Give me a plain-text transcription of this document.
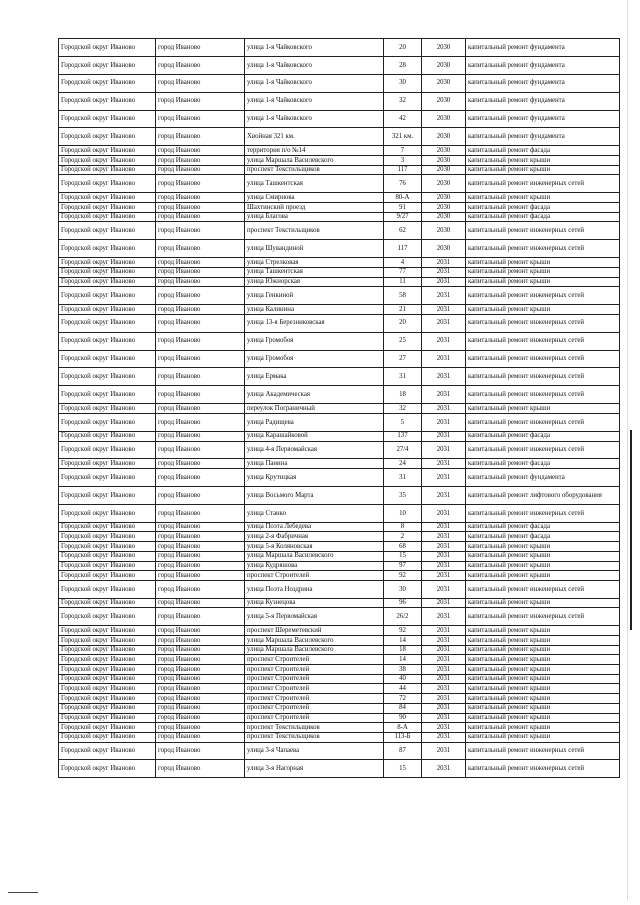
Городской округ Иваново	город Иваново	улица 1-я Чайковского	20	2030	капитальный ремонт фундамента
Городской округ Иваново	город Иваново	улица 1-я Чайковского	28	2030	капитальный ремонт фундамента
Городской округ Иваново	город Иваново	улица 1-я Чайковского	30	2030	капитальный ремонт фундамента
Городской округ Иваново	город Иваново	улица 1-я Чайковского	32	2030	капитальный ремонт фундамента
Городской округ Иваново	город Иваново	улица 1-я Чайковского	42	2030	капитальный ремонт фундамента
Городской округ Иваново	город Иваново	Хвойная 321 км.	321 км.	2030	капитальный ремонт фундамента
Городской округ Иваново	город Иваново	территория п/о №14	7	2030	капитальный ремонт фасада
Городской округ Иваново	город Иваново	улица Маршала Василевского	3	2030	капитальный ремонт крыши
Городской округ Иваново	город Иваново	проспект Текстильщиков	117	2030	капитальный ремонт крыши
Городской округ Иваново	город Иваново	улица Ташкентская	76	2030	капитальный ремонт инженерных сетей
Городской округ Иваново	город Иваново	улица Смирнова	80-А	2030	капитальный ремонт крыши
Городской округ Иваново	город Иваново	Шахтинский проезд	91	2030	капитальный ремонт фасада
Городской округ Иваново	город Иваново	улица Благова	9/27	2030	капитальный ремонт фасада
Городской округ Иваново	город Иваново	проспект Текстильщиков	62	2030	капитальный ремонт инженерных сетей
Городской округ Иваново	город Иваново	улица Шувандиной	117	2030	капитальный ремонт инженерных сетей
Городской округ Иваново	город Иваново	улица Стрелковая	4	2031	капитальный ремонт крыши
Городской округ Иваново	город Иваново	улица Ташкентская	77	2031	капитальный ремонт крыши
Городской округ Иваново	город Иваново	улица Южнорская	11	2031	капитальный ремонт крыши
Городской округ Иваново	город Иваново	улица Генкиной	58	2031	капитальный ремонт инженерных сетей
Городской округ Иваново	город Иваново	улица Калинина	21	2031	капитальный ремонт крыши
Городской округ Иваново	город Иваново	улица 13-я Березниковская	20	2031	капитальный ремонт инженерных сетей
Городской округ Иваново	город Иваново	улица Громобоя	25	2031	капитальный ремонт инженерных сетей
Городской округ Иваново	город Иваново	улица Громобоя	27	2031	капитальный ремонт инженерных сетей
Городской округ Иваново	город Иваново	улица Ермака	31	2031	капитальный ремонт инженерных сетей
Городской округ Иваново	город Иваново	улица Академическая	18	2031	капитальный ремонт инженерных сетей
Городской округ Иваново	город Иваново	переулок Пограничный	32	2031	капитальный ремонт крыши
Городской округ Иваново	город Иваново	улица Радищева	5	2031	капитальный ремонт инженерных сетей
Городской округ Иваново	город Иваново	улица Карашайковой	137	2031	капитальный ремонт фасада
Городской округ Иваново	город Иваново	улица 4-я Первомайская	27/4	2031	капитальный ремонт инженерных сетей
Городской округ Иваново	город Иваново	улица Панина	24	2031	капитальный ремонт фасада
Городской округ Иваново	город Иваново	улица Крутицкая	31	2031	капитальный ремонт фундамента
Городской округ Иваново	город Иваново	улица Восьмого Марта	35	2031	капитальный ремонт лифтового оборудования
Городской округ Иваново	город Иваново	улица Станко	10	2031	капитальный ремонт инженерных сетей
Городской округ Иваново	город Иваново	улица Поэта Лебедева	8	2031	капитальный ремонт фасада
Городской округ Иваново	город Иваново	улица 2-я Фабричная	2	2031	капитальный ремонт фасада
Городской округ Иваново	город Иваново	улица 5-я Коляновская	68	2031	капитальный ремонт крыши
Городской округ Иваново	город Иваново	улица Маршала Василевского	15	2031	капитальный ремонт крыши
Городской округ Иваново	город Иваново	улица Кудряшова	97	2031	капитальный ремонт крыши
Городской округ Иваново	город Иваново	проспект Строителей	92	2031	капитальный ремонт крыши
Городской округ Иваново	город Иваново	улица Поэта Ноздрина	30	2031	капитальный ремонт инженерных сетей
Городской округ Иваново	город Иваново	улица Кузнецова	96	2031	капитальный ремонт крыши
Городской округ Иваново	город Иваново	улица 5-я Первомайская	26/2	2031	капитальный ремонт инженерных сетей
Городской округ Иваново	город Иваново	проспект Шереметевский	92	2031	капитальный ремонт крыши
Городской округ Иваново	город Иваново	улица Маршала Василевского	14	2031	капитальный ремонт крыши
Городской округ Иваново	город Иваново	улица Маршала Василевского	18	2031	капитальный ремонт крыши
Городской округ Иваново	город Иваново	проспект Строителей	14	2031	капитальный ремонт крыши
Городской округ Иваново	город Иваново	проспект Строителей	38	2031	капитальный ремонт крыши
Городской округ Иваново	город Иваново	проспект Строителей	40	2031	капитальный ремонт крыши
Городской округ Иваново	город Иваново	проспект Строителей	44	2031	капитальный ремонт крыши
Городской округ Иваново	город Иваново	проспект Строителей	72	2031	капитальный ремонт крыши
Городской округ Иваново	город Иваново	проспект Строителей	84	2031	капитальный ремонт крыши
Городской округ Иваново	город Иваново	проспект Строителей	90	2031	капитальный ремонт крыши
Городской округ Иваново	город Иваново	проспект Текстильщиков	8-А	2031	капитальный ремонт крыши
Городской округ Иваново	город Иваново	проспект Текстильщиков	113-Б	2031	капитальный ремонт крыши
Городской округ Иваново	город Иваново	улица 3-я Чапаева	87	2031	капитальный ремонт инженерных сетей
Городской округ Иваново	город Иваново	улица 3-я Нагорная	15	2031	капитальный ремонт инженерных сетей
